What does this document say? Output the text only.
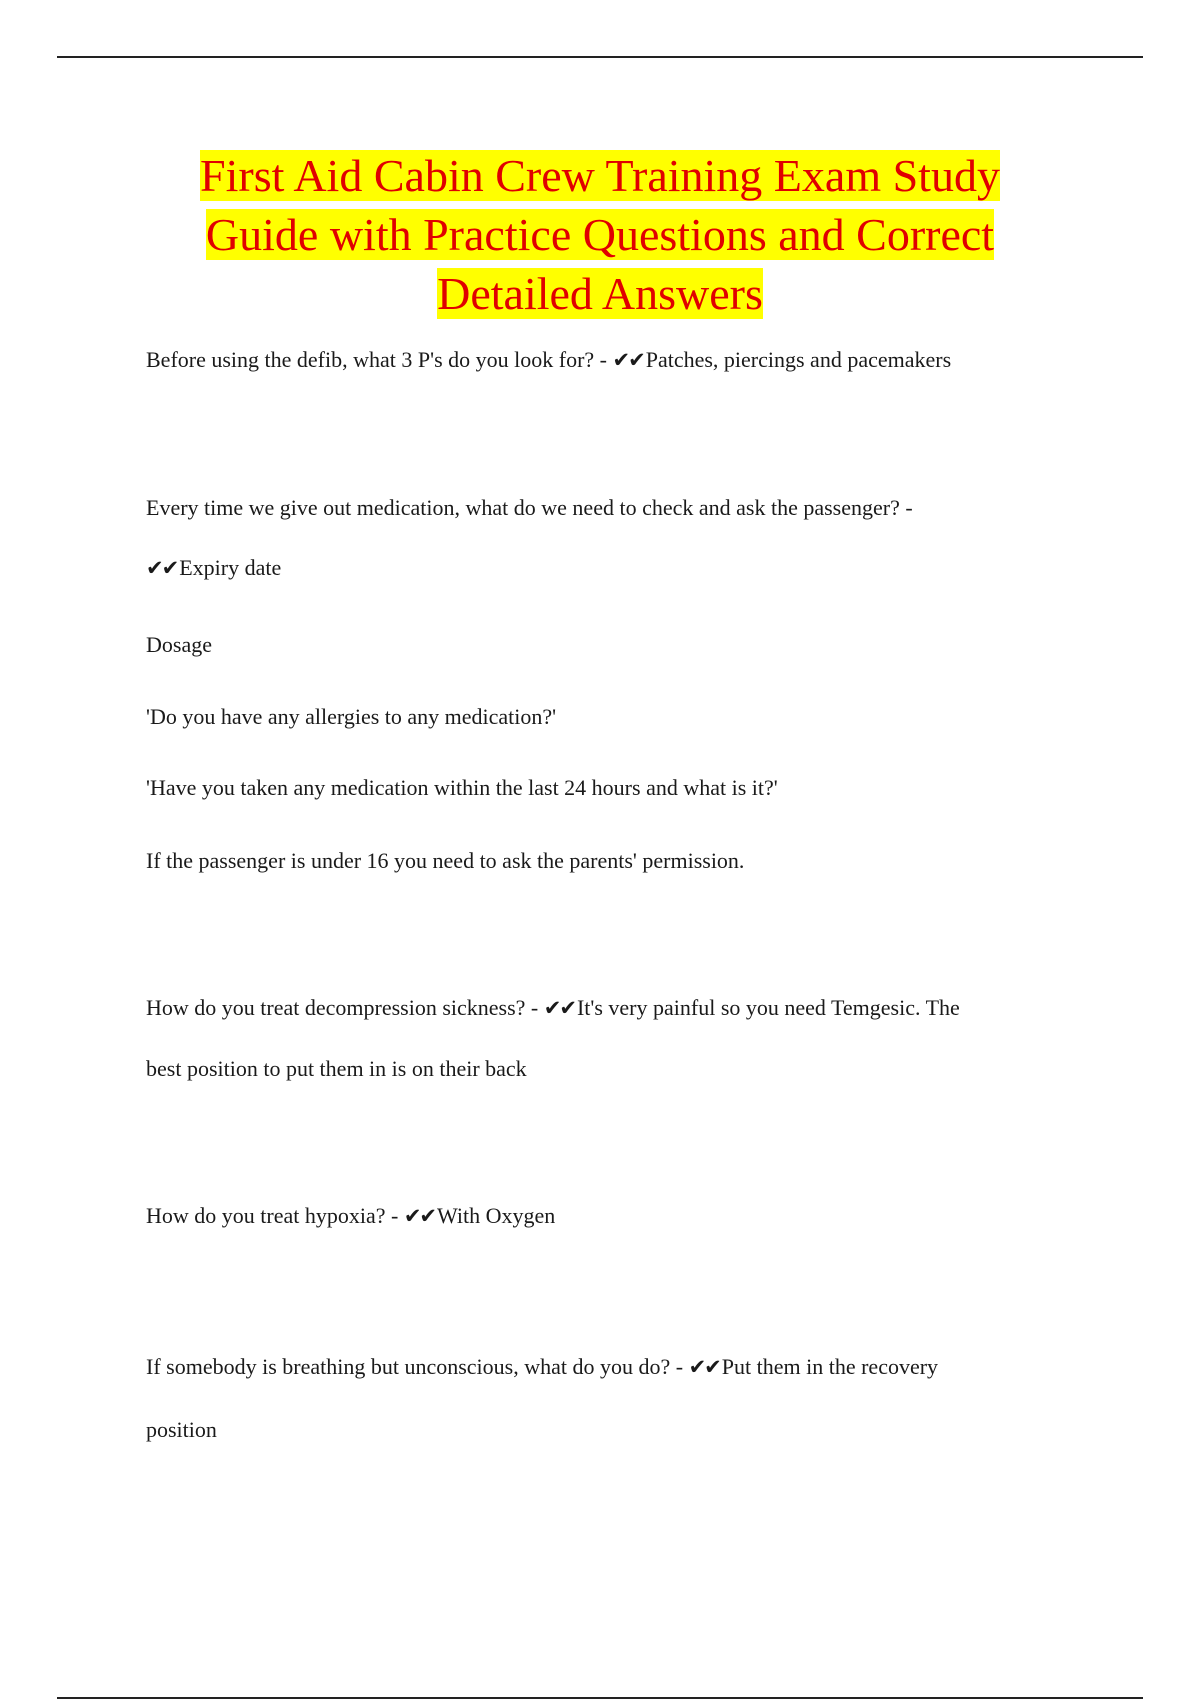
First Aid Cabin Crew Training Exam Study
Guide with Practice Questions and Correct
Detailed Answers
Before using the defib, what 3 P's do you look for? - ✔✔Patches, piercings and pacemakers
Every time we give out medication, what do we need to check and ask the passenger? -
✔✔Expiry date
Dosage
'Do you have any allergies to any medication?'
'Have you taken any medication within the last 24 hours and what is it?'
If the passenger is under 16 you need to ask the parents' permission.
How do you treat decompression sickness? - ✔✔It's very painful so you need Temgesic. The
best position to put them in is on their back
How do you treat hypoxia? - ✔✔With Oxygen
If somebody is breathing but unconscious, what do you do? - ✔✔Put them in the recovery
position
